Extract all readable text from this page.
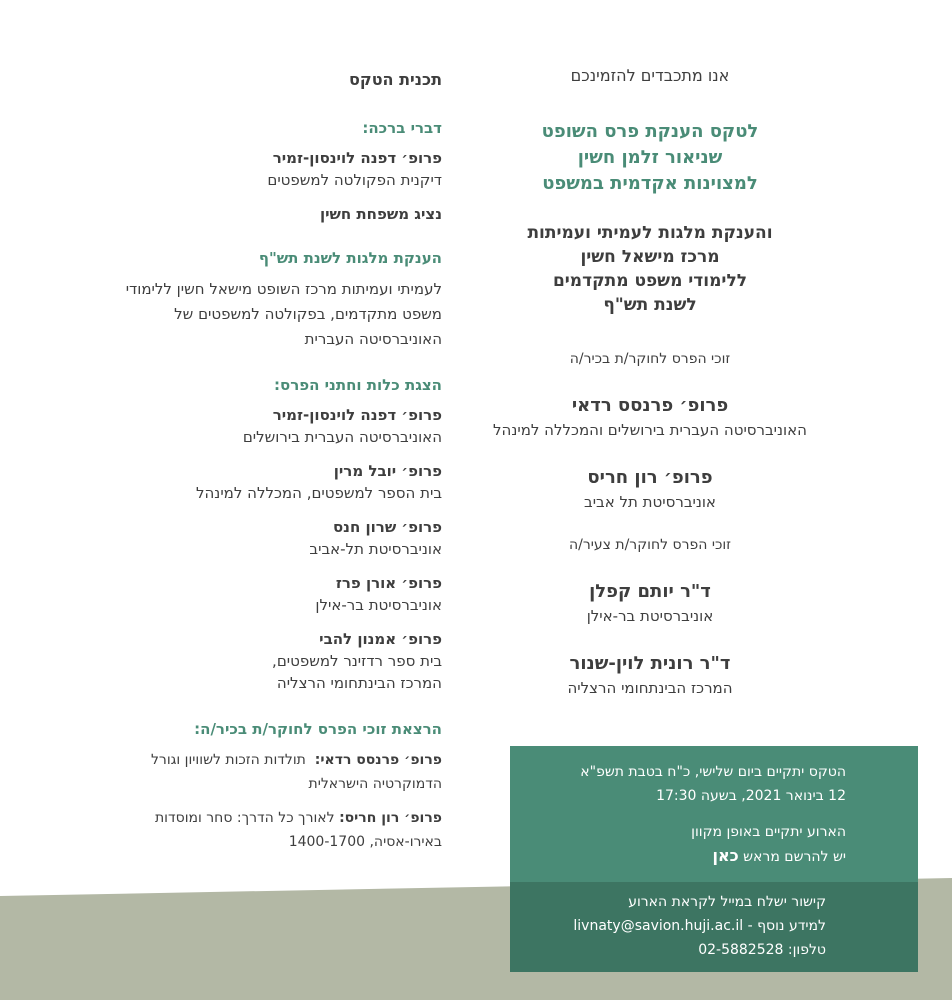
אנו מתכבדים להזמינכם
לטקס הענקת פרס השופט
שניאור זלמן חשין
למצוינות אקדמית במשפט
והענקת מלגות לעמיתי ועמיתות
מרכז מישאל חשין
ללימודי משפט מתקדמים
לשנת תש"ף
זוכי הפרס לחוקר/ת בכיר/ה
פרופ׳ פרנסס רדאי
האוניברסיטה העברית בירושלים והמכללה למינהל
פרופ׳ רון חריס
אוניברסיטת תל אביב
זוכי הפרס לחוקר/ת צעיר/ה
ד"ר יותם קפלן
אוניברסיטת בר-אילן
ד"ר רונית לוין-שנור
המרכז הבינתחומי הרצליה
תכנית הטקס
דברי ברכה:
פרופ׳ דפנה לוינסון-זמיר
דיקנית הפקולטה למשפטים
נציג משפחת חשין
הענקת מלגות לשנת תש"ף
לעמיתי ועמיתות מרכז השופט מישאל חשין ללימודי
משפט מתקדמים, בפקולטה למשפטים של
האוניברסיטה העברית
הצגת כלות וחתני הפרס:
פרופ׳ דפנה לוינסון-זמיר
האוניברסיטה העברית בירושלים
פרופ׳ יובל מרין
בית הספר למשפטים, המכללה למינהל
פרופ׳ שרון חנס
אוניברסיטת תל-אביב
פרופ׳ אורן פרז
אוניברסיטת בר-אילן
פרופ׳ אמנון להבי
בית ספר רדזינר למשפטים,
המרכז הבינתחומי הרצליה
הרצאת זוכי הפרס לחוקר/ת בכיר/ה:
פרופ׳ פרנסס רדאי:  תולדות הזכות לשוויון וגורל
הדמוקרטיה הישראלית
פרופ׳ רון חריס: לאורך כל הדרך: סחר ומוסדות
באירו-אסיה, 1400-1700
הטקס יתקיים ביום שלישי, כ"ח בטבת תשפ"א
12 בינואר 2021, בשעה 17:30
הארוע יתקיים באופן מקוון
יש להרשם מראש כאן
קישור ישלח במייל לקראת הארוע
למידע נוסף - livnaty@savion.huji.ac.il
טלפון: 02-5882528
